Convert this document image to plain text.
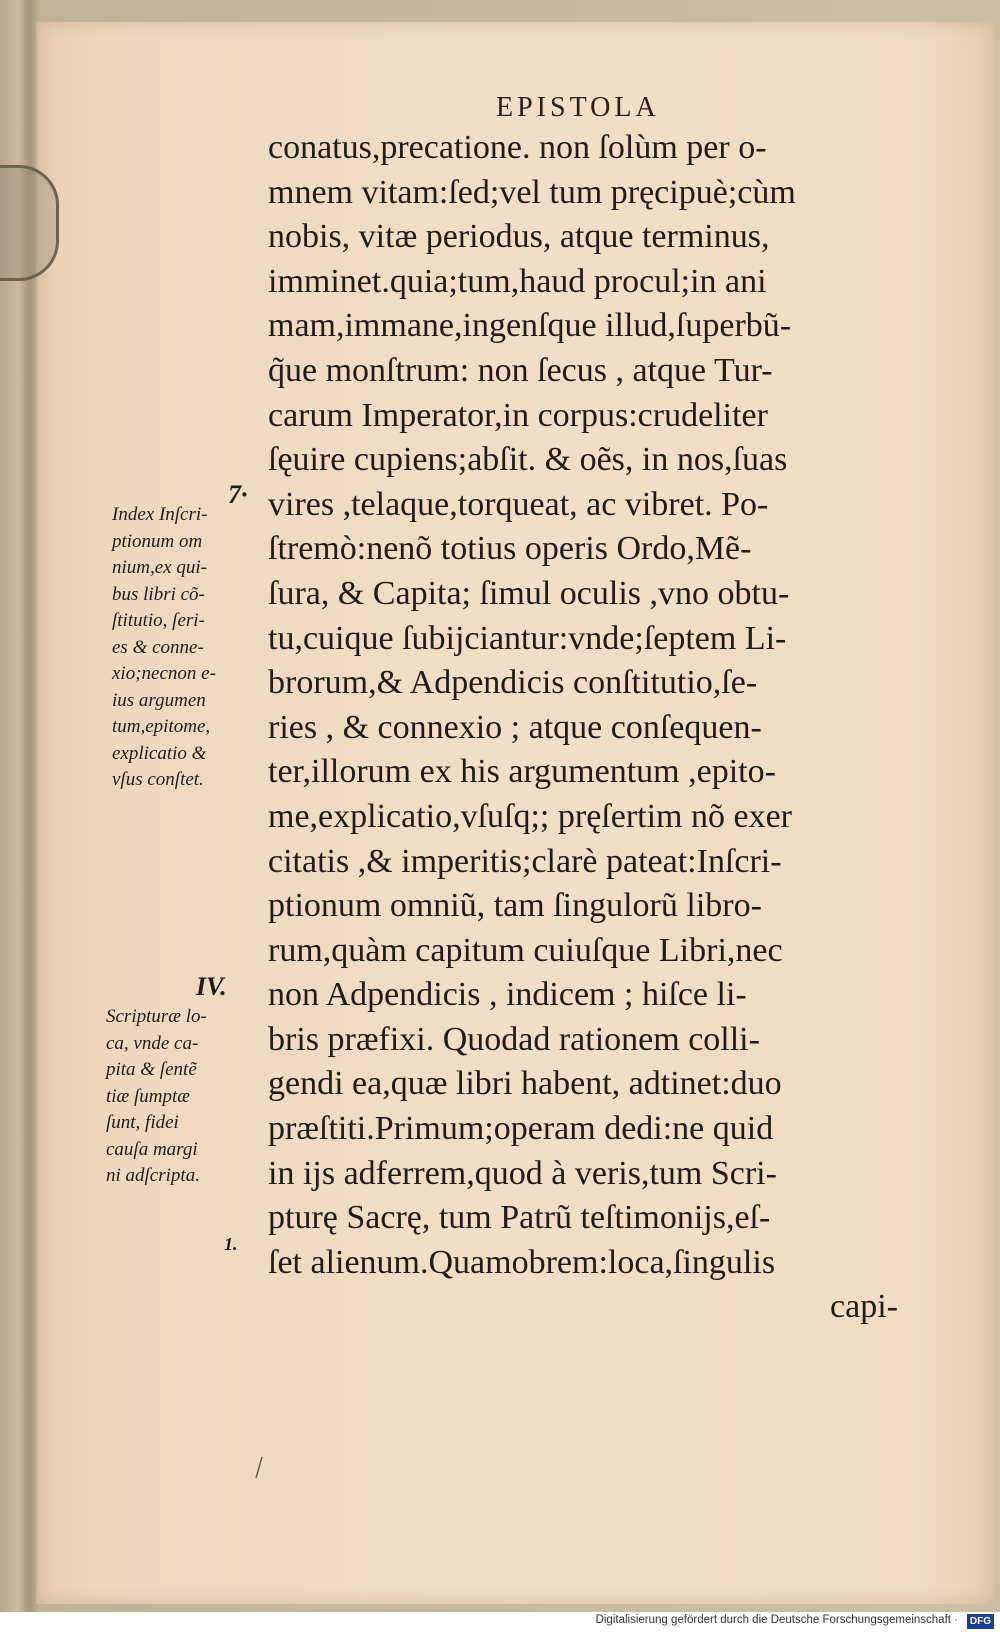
EPISTOLA
conatus,precatione. non ſolùm per o-
mnem vitam:ſed;vel tum pręcipuè;cùm
nobis, vitæ periodus, atque terminus,
imminet.quia;tum,haud procul;in ani
mam,immane,ingenſque illud,ſuperbũ-
q̃ue monſtrum: non ſecus , atque Tur-
carum Imperator,in corpus:crudeliter
ſęuire cupiens;abſit. & oẽs, in nos,ſuas
vires ,telaque,torqueat, ac vibret. Po-
ſtremò:nenõ totius operis Ordo,Mẽ-
ſura, & Capita; ſimul oculis ,vno obtu-
tu,cuique ſubijciantur:vnde;ſeptem Li-
brorum,& Adpendicis conſtitutio,ſe-
ries , & connexio ; atque conſequen-
ter,illorum ex his argumentum ,epito-
me,explicatio,vſuſq;; pręſertim nõ exer
citatis ,& imperitis;clarè pateat:Inſcri-
ptionum omniũ, tam ſingulorũ libro-
rum,quàm capitum cuiuſque Libri,nec
non Adpendicis , indicem ; hiſce li-
bris præfixi. Quodad rationem colli-
gendi ea,quæ libri habent, adtinet:duo
præſtiti.Primum;operam dedi:ne quid
in ijs adferrem,quod à veris,tum Scri-
pturę Sacrę, tum Patrũ teſtimonijs,eſ-
ſet alienum.Quamobrem:loca,ſingulis
capi-
7·
Index Inſcri-
ptionum om
nium,ex qui-
bus libri cõ-
ſtitutio, ſeri-
es & conne-
xio;necnon e-
ius argumen
tum,epitome,
explicatio &
vſus conſtet.
IV.
Scripturæ lo-
ca, vnde ca-
pita & ſentẽ
tiæ ſumptæ
ſunt, fidei
cauſa margi
ni adſcripta.
1.
Digitalisierung gefördert durch die Deutsche Forschungsgemeinschaft ·	DFG
